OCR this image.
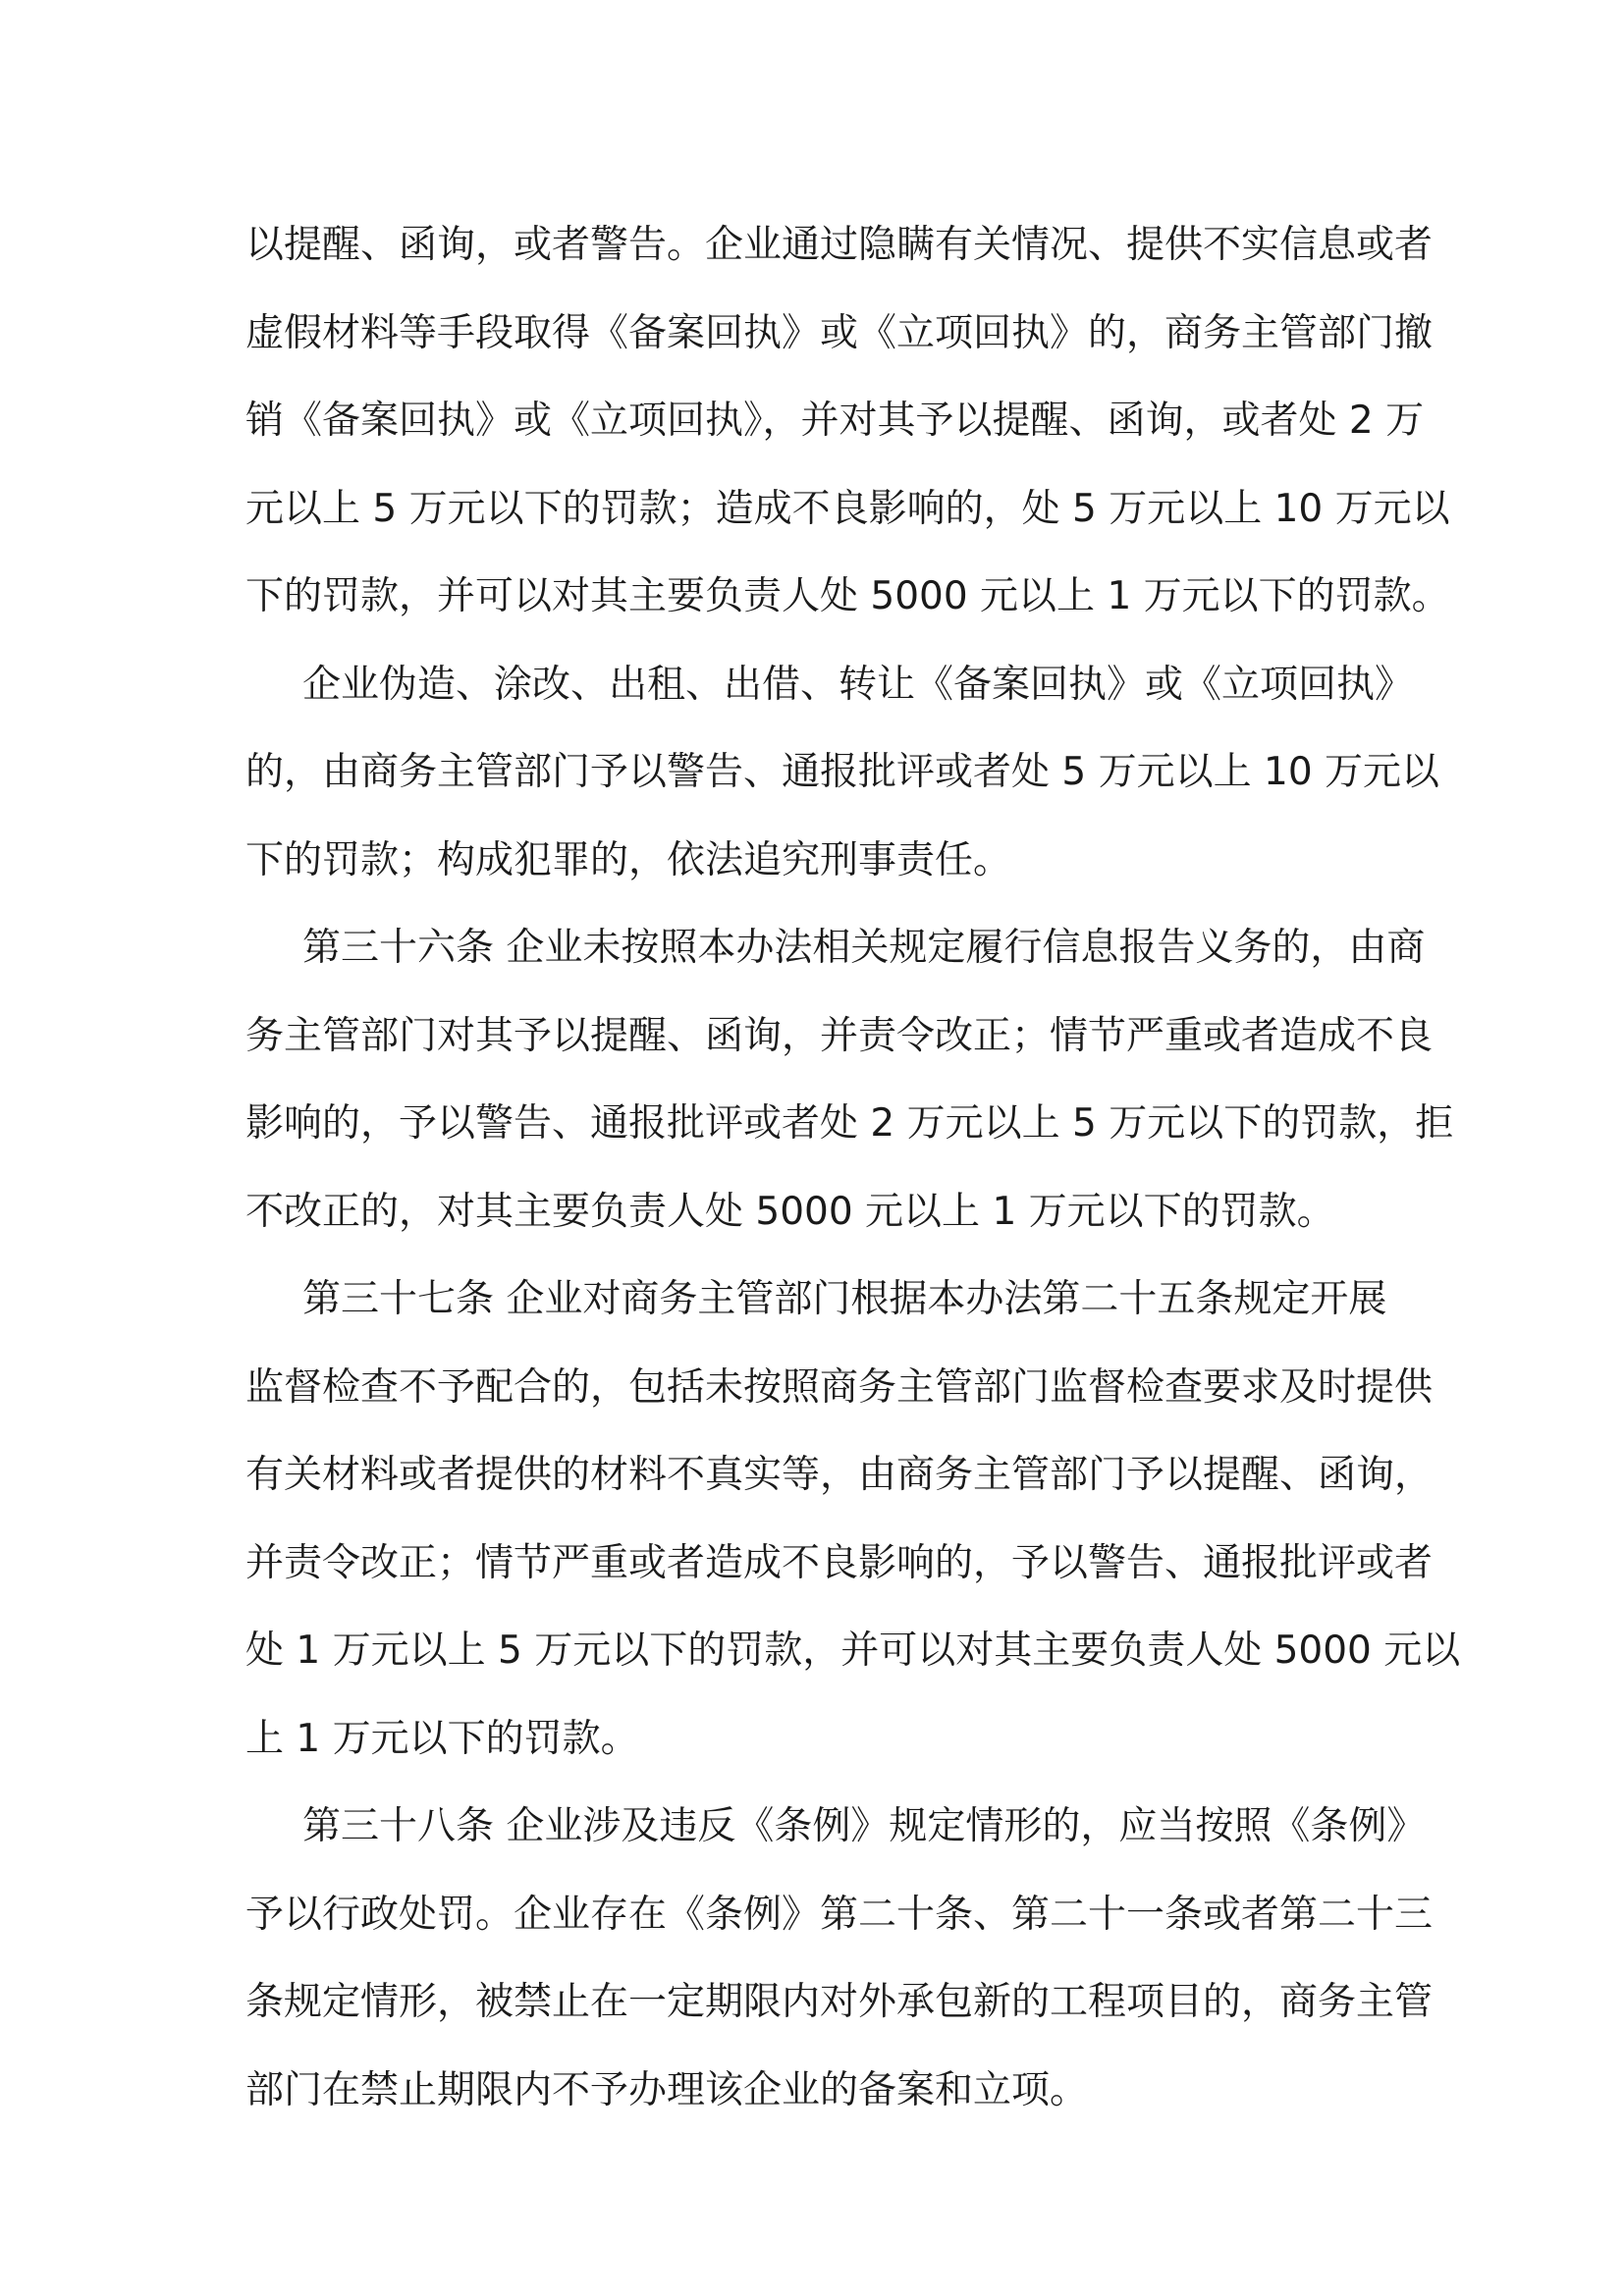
以提醒、函询，或者警告。企业通过隐瞒有关情况、提供不实信息或者
虚假材料等手段取得《备案回执》或《立项回执》的，商务主管部门撤
销《备案回执》或《立项回执》，并对其予以提醒、函询，或者处 2 万
元以上 5 万元以下的罚款；造成不良影响的，处 5 万元以上 10 万元以
下的罚款，并可以对其主要负责人处 5000 元以上 1 万元以下的罚款。
企业伪造、涂改、出租、出借、转让《备案回执》或《立项回执》
的，由商务主管部门予以警告、通报批评或者处 5 万元以上 10 万元以
下的罚款；构成犯罪的，依法追究刑事责任。
第三十六条 企业未按照本办法相关规定履行信息报告义务的，由商
务主管部门对其予以提醒、函询，并责令改正；情节严重或者造成不良
影响的，予以警告、通报批评或者处 2 万元以上 5 万元以下的罚款，拒
不改正的，对其主要负责人处 5000 元以上 1 万元以下的罚款。
第三十七条 企业对商务主管部门根据本办法第二十五条规定开展
监督检查不予配合的，包括未按照商务主管部门监督检查要求及时提供
有关材料或者提供的材料不真实等，由商务主管部门予以提醒、函询，
并责令改正；情节严重或者造成不良影响的，予以警告、通报批评或者
处 1 万元以上 5 万元以下的罚款，并可以对其主要负责人处 5000 元以
上 1 万元以下的罚款。
第三十八条 企业涉及违反《条例》规定情形的，应当按照《条例》
予以行政处罚。企业存在《条例》第二十条、第二十一条或者第二十三
条规定情形，被禁止在一定期限内对外承包新的工程项目的，商务主管
部门在禁止期限内不予办理该企业的备案和立项。
